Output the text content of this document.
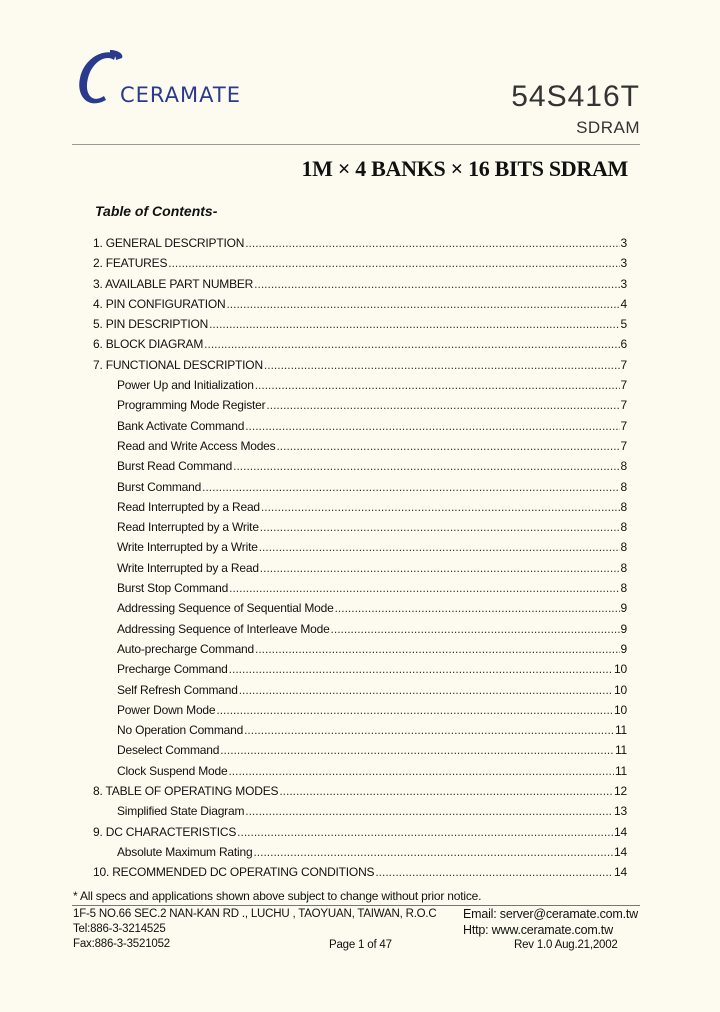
CERAMATE	54S416T
SDRAM
1M × 4 BANKS × 16 BITS SDRAM
Table of Contents-
1. GENERAL DESCRIPTION .....	3
2. FEATURES .....	3
3. AVAILABLE PART NUMBER .....	3
4. PIN CONFIGURATION .....	4
5. PIN DESCRIPTION .....	5
6. BLOCK DIAGRAM .....	6
7. FUNCTIONAL DESCRIPTION .....	7
Power Up and Initialization .....	7
Programming Mode Register .....	7
Bank Activate Command .....	7
Read and Write Access Modes .....	7
Burst Read Command .....	8
Burst Command .....	8
Read Interrupted by a Read .....	8
Read Interrupted by a Write .....	8
Write Interrupted by a Write .....	8
Write Interrupted by a Read .....	8
Burst Stop Command .....	8
Addressing Sequence of Sequential Mode .....	9
Addressing Sequence of Interleave Mode .....	9
Auto-precharge Command .....	9
Precharge Command .....	10
Self Refresh Command .....	10
Power Down Mode .....	10
No Operation Command .....	11
Deselect Command .....	11
Clock Suspend Mode .....	11
8. TABLE OF OPERATING MODES .....	12
Simplified State Diagram .....	13
9. DC CHARACTERISTICS .....	14
Absolute Maximum Rating .....	14
10. RECOMMENDED DC OPERATING CONDITIONS .....	14
* All specs and applications shown above subject to change without prior notice.
1F-5 NO.66 SEC.2 NAN-KAN RD ., LUCHU , TAOYUAN, TAIWAN, R.O.C
Tel:886-3-3214525
Fax:886-3-3521052
Email: server@ceramate.com.tw
Http: www.ceramate.com.tw
Page 1 of 47	Rev 1.0 Aug.21,2002
